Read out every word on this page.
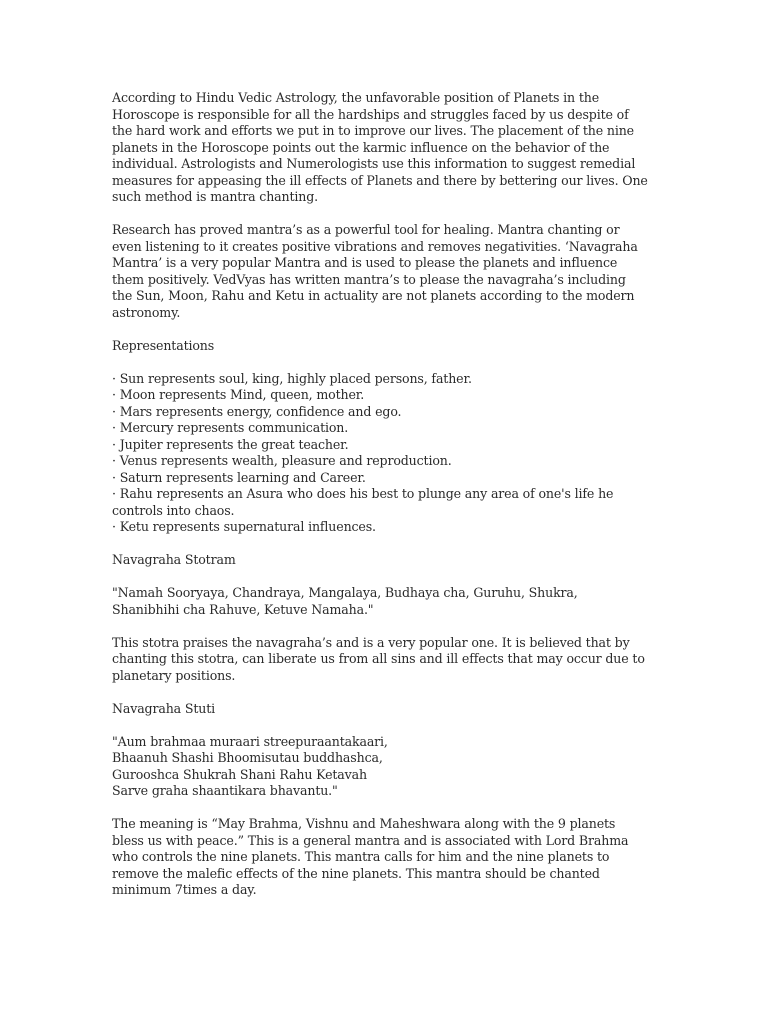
According to Hindu Vedic Astrology, the unfavorable position of Planets in the
Horoscope is responsible for all the hardships and struggles faced by us despite of
the hard work and efforts we put in to improve our lives. The placement of the nine
planets in the Horoscope points out the karmic influence on the behavior of the
individual. Astrologists and Numerologists use this information to suggest remedial
measures for appeasing the ill effects of Planets and there by bettering our lives. One
such method is mantra chanting.
Research has proved mantra’s as a powerful tool for healing. Mantra chanting or
even listening to it creates positive vibrations and removes negativities. ‘Navagraha
Mantra’ is a very popular Mantra and is used to please the planets and influence
them positively. VedVyas has written mantra’s to please the navagraha’s including
the Sun, Moon, Rahu and Ketu in actuality are not planets according to the modern
astronomy.
Representations
· Sun represents soul, king, highly placed persons, father.
· Moon represents Mind, queen, mother.
· Mars represents energy, confidence and ego.
· Mercury represents communication.
· Jupiter represents the great teacher.
· Venus represents wealth, pleasure and reproduction.
· Saturn represents learning and Career.
· Rahu represents an Asura who does his best to plunge any area of one's life he
controls into chaos.
· Ketu represents supernatural influences.
Navagraha Stotram
"Namah Sooryaya, Chandraya, Mangalaya, Budhaya cha, Guruhu, Shukra,
Shanibhihi cha Rahuve, Ketuve Namaha."
This stotra praises the navagraha’s and is a very popular one. It is believed that by
chanting this stotra, can liberate us from all sins and ill effects that may occur due to
planetary positions.
Navagraha Stuti
"Aum brahmaa muraari streepuraantakaari,
Bhaanuh Shashi Bhoomisutau buddhashca,
Gurooshca Shukrah Shani Rahu Ketavah
Sarve graha shaantikara bhavantu."
The meaning is “May Brahma, Vishnu and Maheshwara along with the 9 planets
bless us with peace.” This is a general mantra and is associated with Lord Brahma
who controls the nine planets. This mantra calls for him and the nine planets to
remove the malefic effects of the nine planets. This mantra should be chanted
minimum 7times a day.
